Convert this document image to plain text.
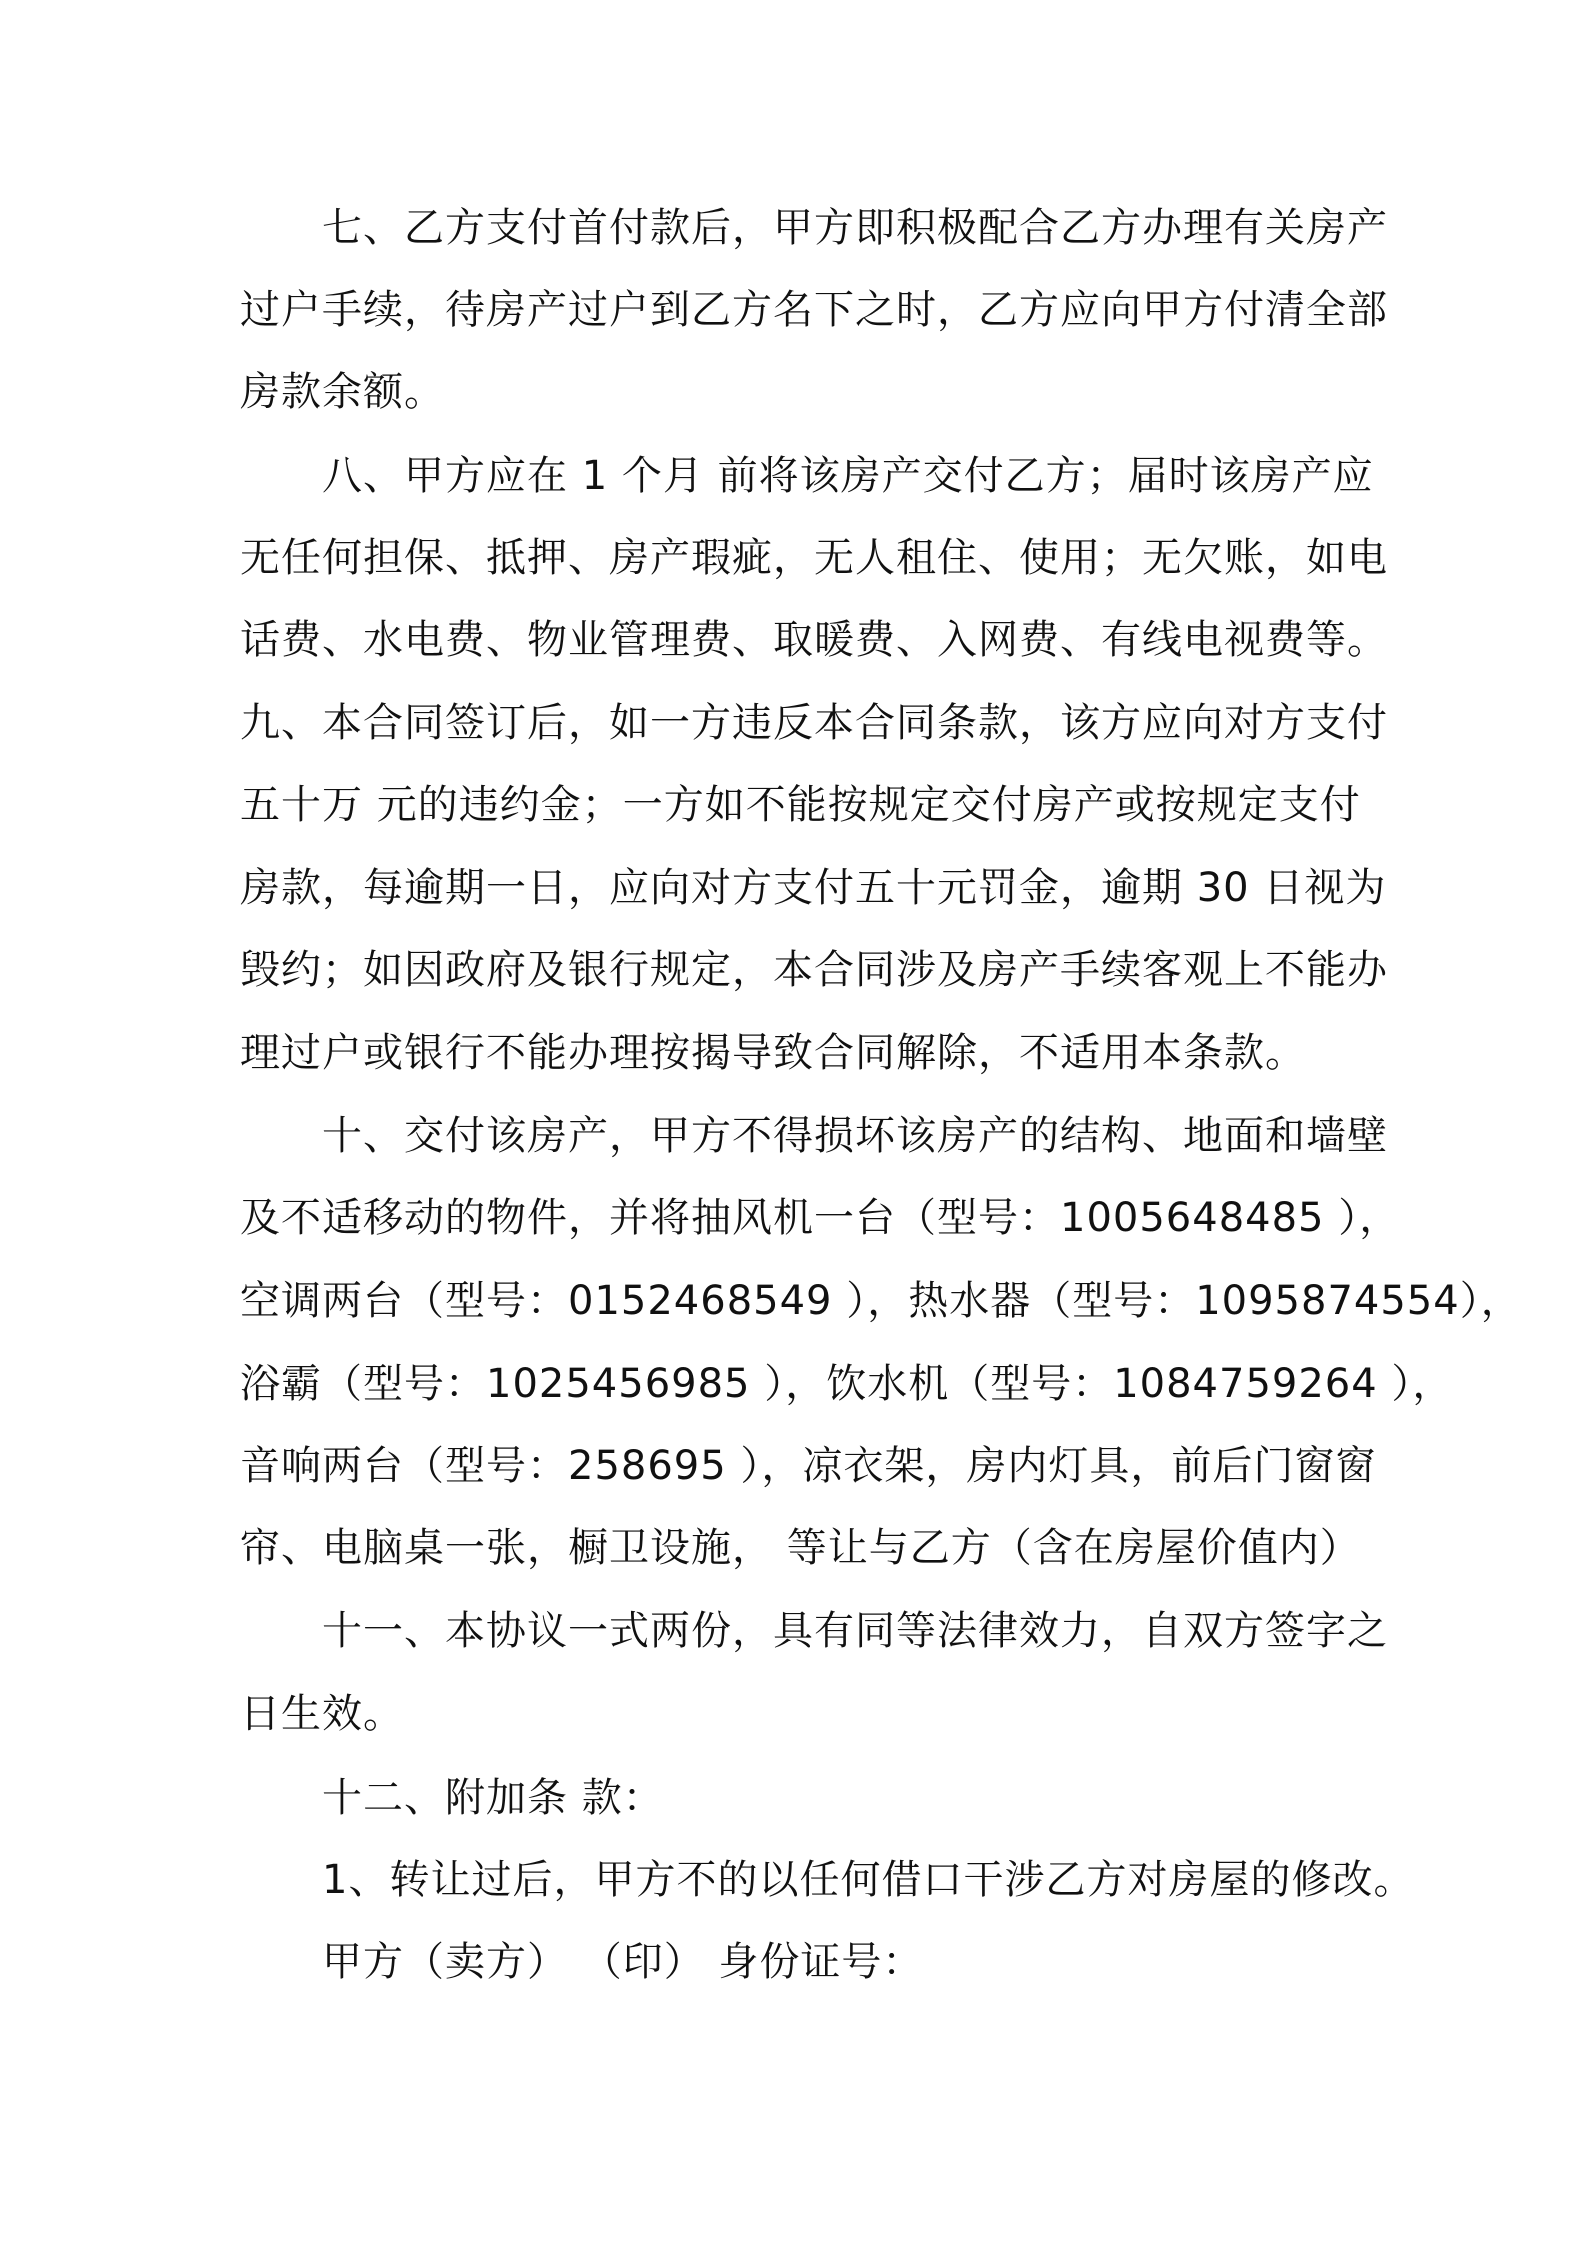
七、乙方支付首付款后，甲方即积极配合乙方办理有关房产
过户手续，待房产过户到乙方名下之时，乙方应向甲方付清全部
房款余额。
八、甲方应在 1 个月 前将该房产交付乙方；届时该房产应
无任何担保、抵押、房产瑕疵，无人租住、使用；无欠账，如电
话费、水电费、物业管理费、取暖费、入网费、有线电视费等。
九、本合同签订后，如一方违反本合同条款，该方应向对方支付
五十万 元的违约金；一方如不能按规定交付房产或按规定支付
房款，每逾期一日，应向对方支付五十元罚金，逾期 30 日视为
毁约；如因政府及银行规定，本合同涉及房产手续客观上不能办
理过户或银行不能办理按揭导致合同解除，不适用本条款。
十、交付该房产，甲方不得损坏该房产的结构、地面和墙壁
及不适移动的物件，并将抽风机一台（型号：1005648485 ），
空调两台（型号：0152468549 ），热水器（型号：1095874554），
浴霸（型号：1025456985 ），饮水机（型号：1084759264 ），
音响两台（型号：258695 ），凉衣架，房内灯具，前后门窗窗
帘、电脑桌一张，橱卫设施， 等让与乙方（含在房屋价值内）
十一、本协议一式两份，具有同等法律效力，自双方签字之
日生效。
十二、附加条 款：
1、转让过后，甲方不的以任何借口干涉乙方对房屋的修改。
甲方（卖方） （印） 身份证号：
